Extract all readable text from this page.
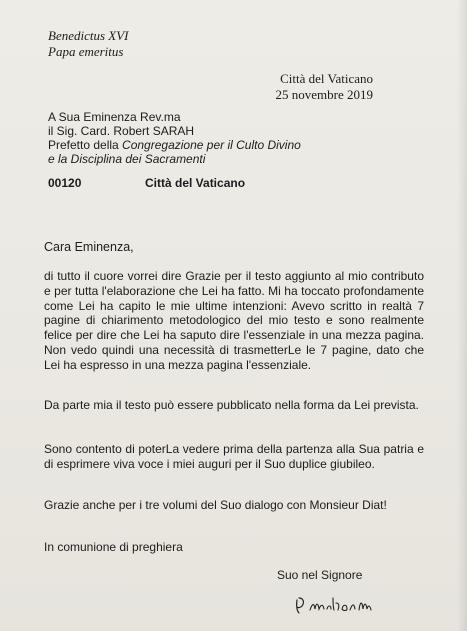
Benedictus XVI
Papa emeritus
Città del Vaticano
25 novembre 2019
A Sua Eminenza Rev.ma
il Sig. Card. Robert SARAH
Prefetto della Congregazione per il Culto Divino
e la Disciplina dei Sacramenti
00120	Città del Vaticano
Cara Eminenza,
di tutto il cuore vorrei dire Grazie per il testo aggiunto al mio contributo e per tutta l'elaborazione che Lei ha fatto. Mi ha toccato profondamente come Lei ha capito le mie ultime intenzioni: Avevo scritto in realtà 7 pagine di chiarimento metodologico del mio testo e sono realmente felice per dire che Lei ha saputo dire l'essenziale in una mezza pagina. Non vedo quindi una necessità di trasmetterLe le 7 pagine, dato che Lei ha espresso in una mezza pagina l'essenziale.
Da parte mia il testo può essere pubblicato nella forma da Lei prevista.
Sono contento di poterLa vedere prima della partenza alla Sua patria e di esprimere viva voce i miei auguri per il Suo duplice giubileo.
Grazie anche per i tre volumi del Suo dialogo con Monsieur Diat!
In comunione di preghiera
Suo nel Signore
